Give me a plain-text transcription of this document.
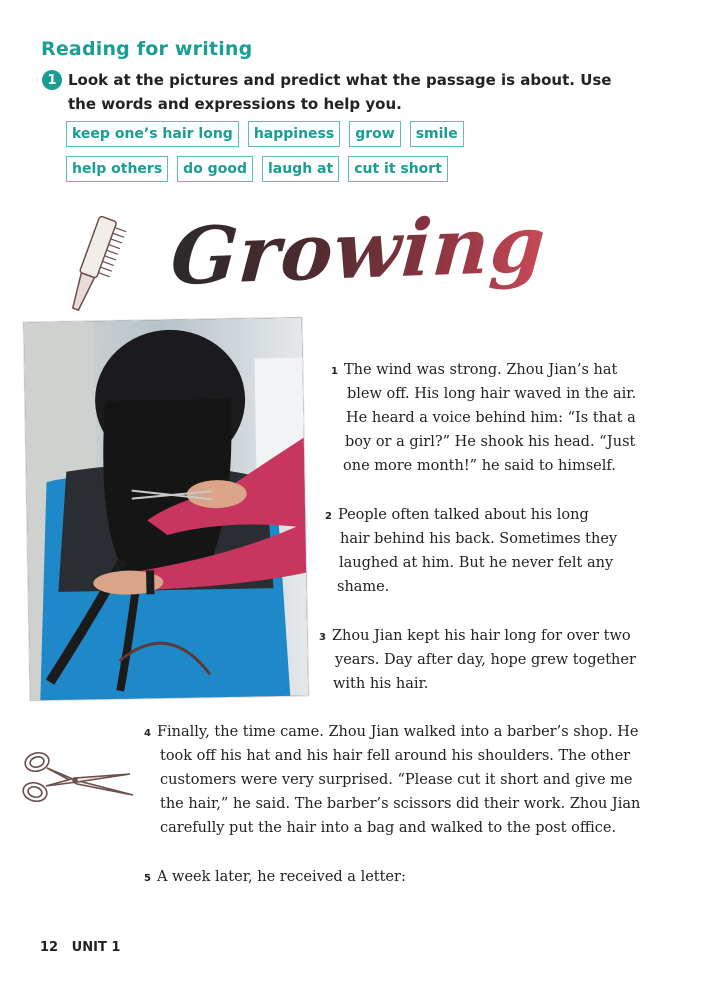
Reading for writing
1 Look at the pictures and predict what the passage is about. Use the words and expressions to help you.
keep one’s hair long	happiness	grow	smile
help others	do good	laugh at	cut it short
Growing
$^1$ The wind was strong. Zhou Jian’s hat
blew off. His long hair waved in the air.
He heard a voice behind him: “Is that a
boy or a girl?” He shook his head. “Just
one more month!” he said to himself.
$^2$ People often talked about his long
hair behind his back. Sometimes they
laughed at him. But he never felt any
shame.
$^3$ Zhou Jian kept his hair long for over two
years. Day after day, hope grew together
with his hair.
$^4$ Finally, the time came. Zhou Jian walked into a barber’s shop. He
took off his hat and his hair fell around his shoulders. The other
customers were very surprised. “Please cut it short and give me
the hair,” he said. The barber’s scissors did their work. Zhou Jian
carefully put the hair into a bag and walked to the post office.
$^5$ A week later, he received a letter:
12 UNIT 1
